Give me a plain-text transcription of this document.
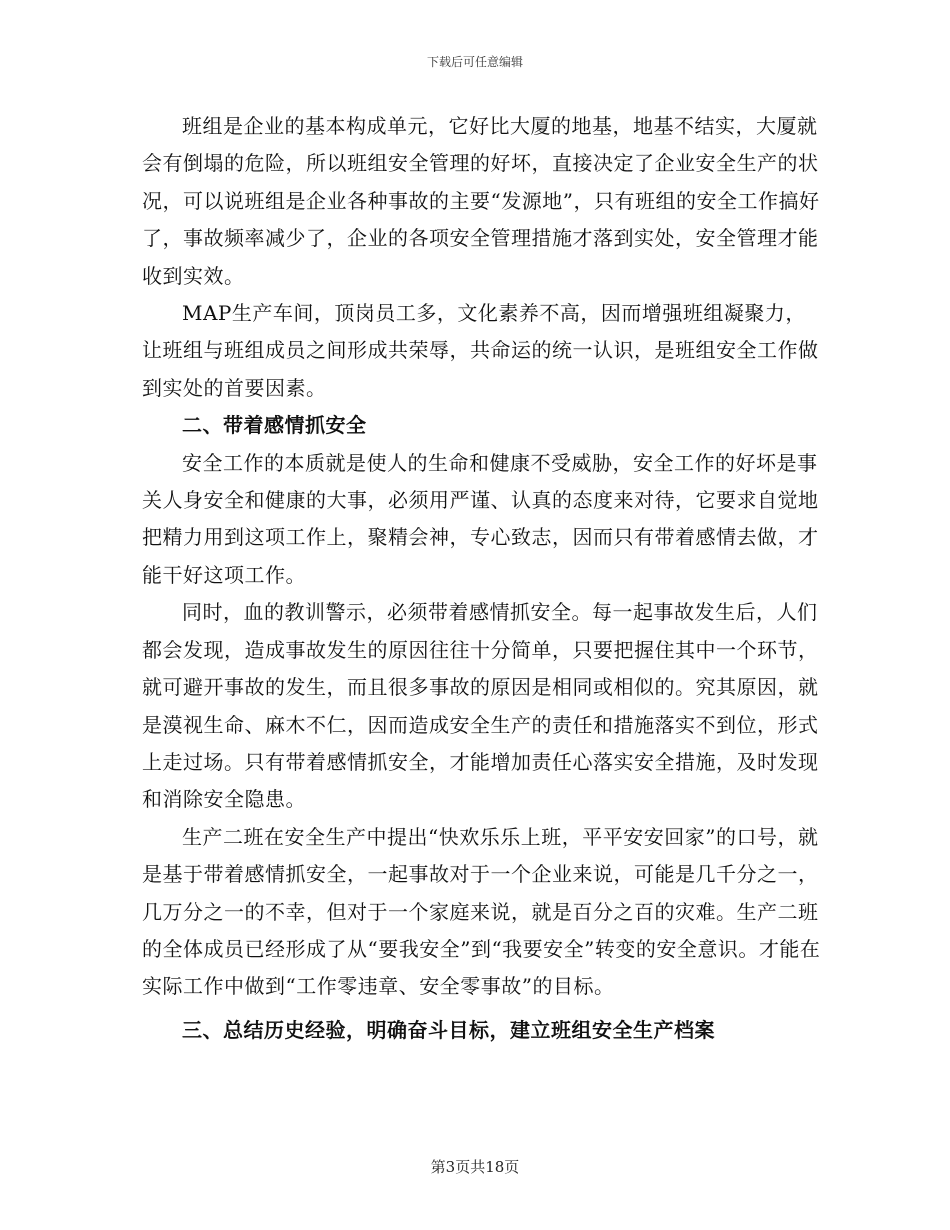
下载后可任意编辑

班组是企业的基本构成单元，它好比大厦的地基，地基不结实，大厦就会有倒塌的危险，所以班组安全管理的好坏，直接决定了企业安全生产的状况，可以说班组是企业各种事故的主要“发源地”，只有班组的安全工作搞好了，事故频率减少了，企业的各项安全管理措施才落到实处，安全管理才能收到实效。

MAP生产车间，顶岗员工多，文化素养不高，因而增强班组凝聚力，让班组与班组成员之间形成共荣辱，共命运的统一认识，是班组安全工作做到实处的首要因素。

二、带着感情抓安全

安全工作的本质就是使人的生命和健康不受威胁，安全工作的好坏是事关人身安全和健康的大事，必须用严谨、认真的态度来对待，它要求自觉地把精力用到这项工作上，聚精会神，专心致志，因而只有带着感情去做，才能干好这项工作。

同时，血的教训警示，必须带着感情抓安全。每一起事故发生后，人们都会发现，造成事故发生的原因往往十分简单，只要把握住其中一个环节，就可避开事故的发生，而且很多事故的原因是相同或相似的。究其原因，就是漠视生命、麻木不仁，因而造成安全生产的责任和措施落实不到位，形式上走过场。只有带着感情抓安全，才能增加责任心落实安全措施，及时发现和消除安全隐患。

生产二班在安全生产中提出“快欢乐乐上班，平平安安回家”的口号，就是基于带着感情抓安全，一起事故对于一个企业来说，可能是几千分之一，几万分之一的不幸，但对于一个家庭来说，就是百分之百的灾难。生产二班的全体成员已经形成了从“要我安全”到“我要安全”转变的安全意识。才能在实际工作中做到“工作零违章、安全零事故”的目标。

三、总结历史经验，明确奋斗目标，建立班组安全生产档案

第3页共18页
